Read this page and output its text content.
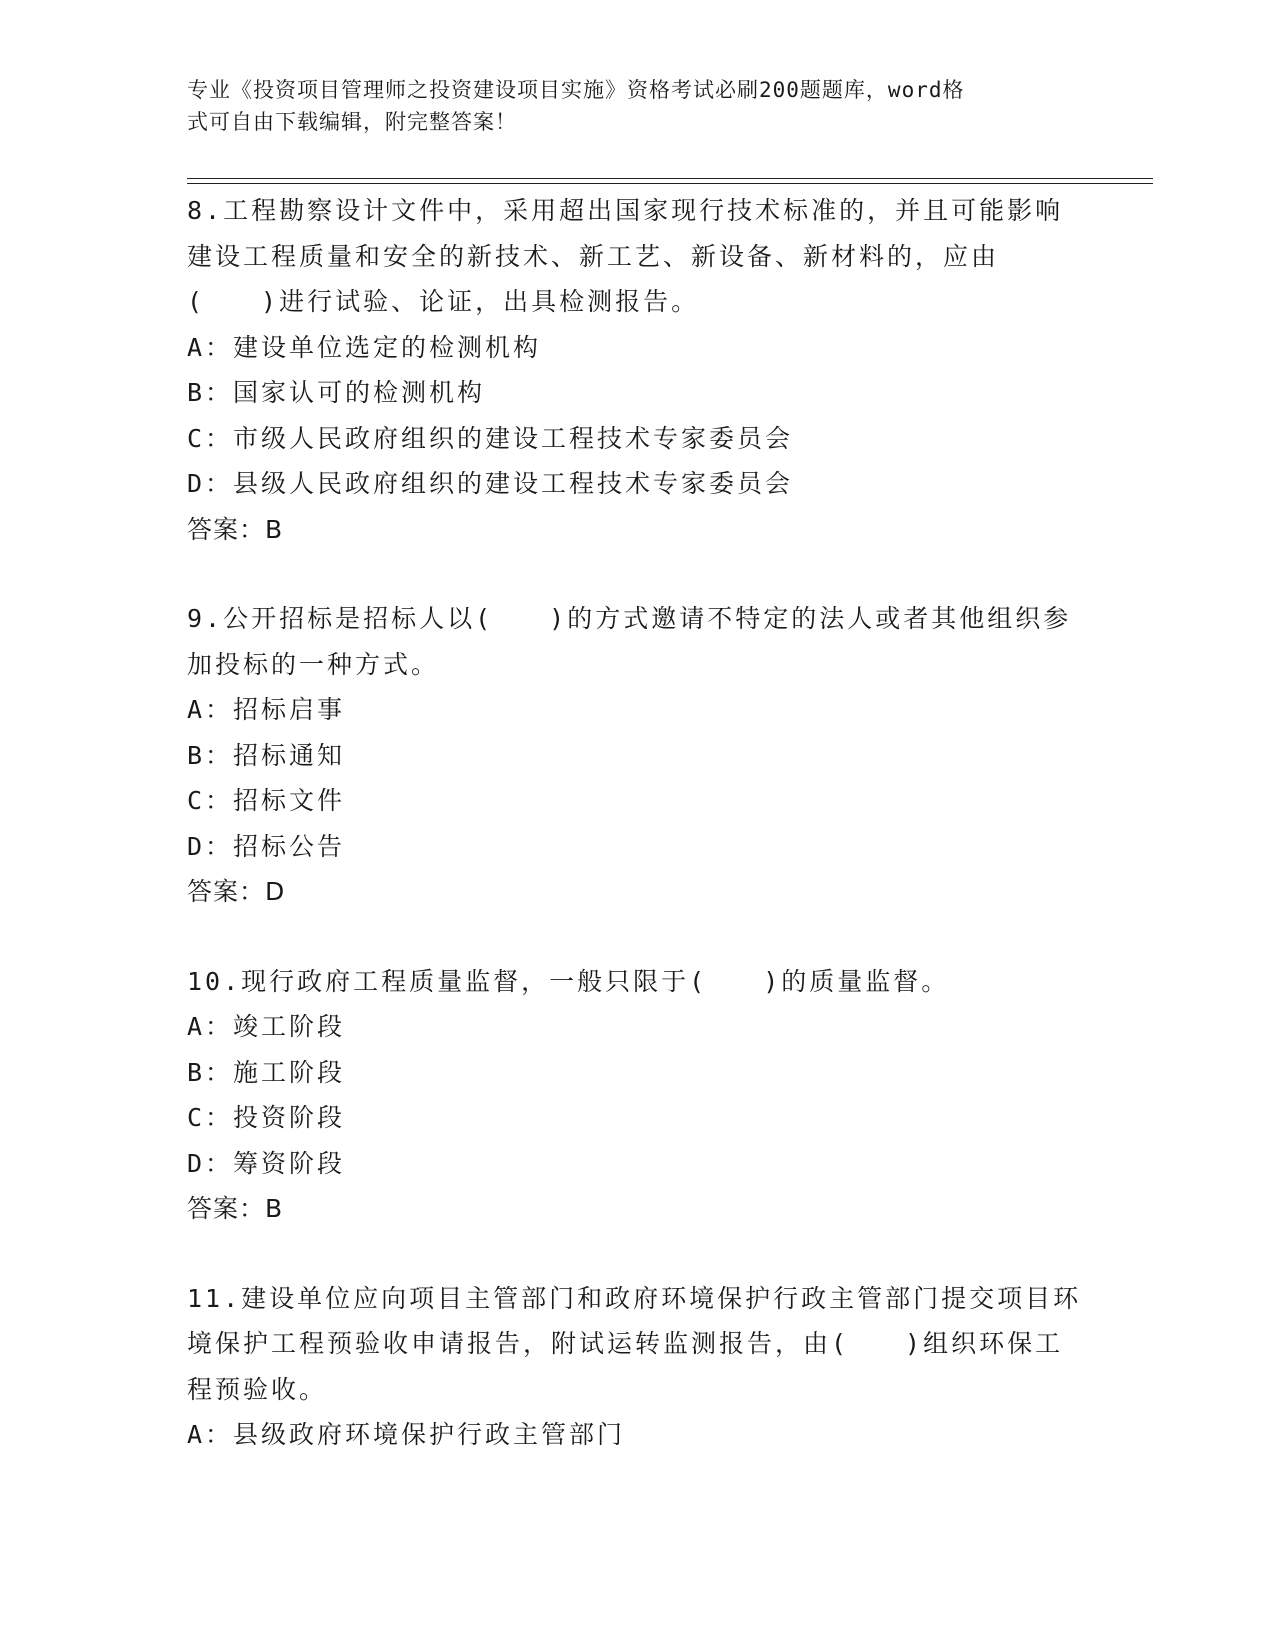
专业《投资项目管理师之投资建设项目实施》资格考试必刷200题题库，word格
式可自由下载编辑，附完整答案！
8.工程勘察设计文件中，采用超出国家现行技术标准的，并且可能影响建设工程质量和安全的新技术、新工艺、新设备、新材料的，应由(　　)进行试验、论证，出具检测报告。
A：建设单位选定的检测机构
B：国家认可的检测机构
C：市级人民政府组织的建设工程技术专家委员会
D：县级人民政府组织的建设工程技术专家委员会
答案：B
9.公开招标是招标人以(　　)的方式邀请不特定的法人或者其他组织参加投标的一种方式。
A：招标启事
B：招标通知
C：招标文件
D：招标公告
答案：D
10.现行政府工程质量监督，一般只限于(　　)的质量监督。
A：竣工阶段
B：施工阶段
C：投资阶段
D：筹资阶段
答案：B
11.建设单位应向项目主管部门和政府环境保护行政主管部门提交项目环境保护工程预验收申请报告，附试运转监测报告，由(　　)组织环保工程预验收。
A：县级政府环境保护行政主管部门
